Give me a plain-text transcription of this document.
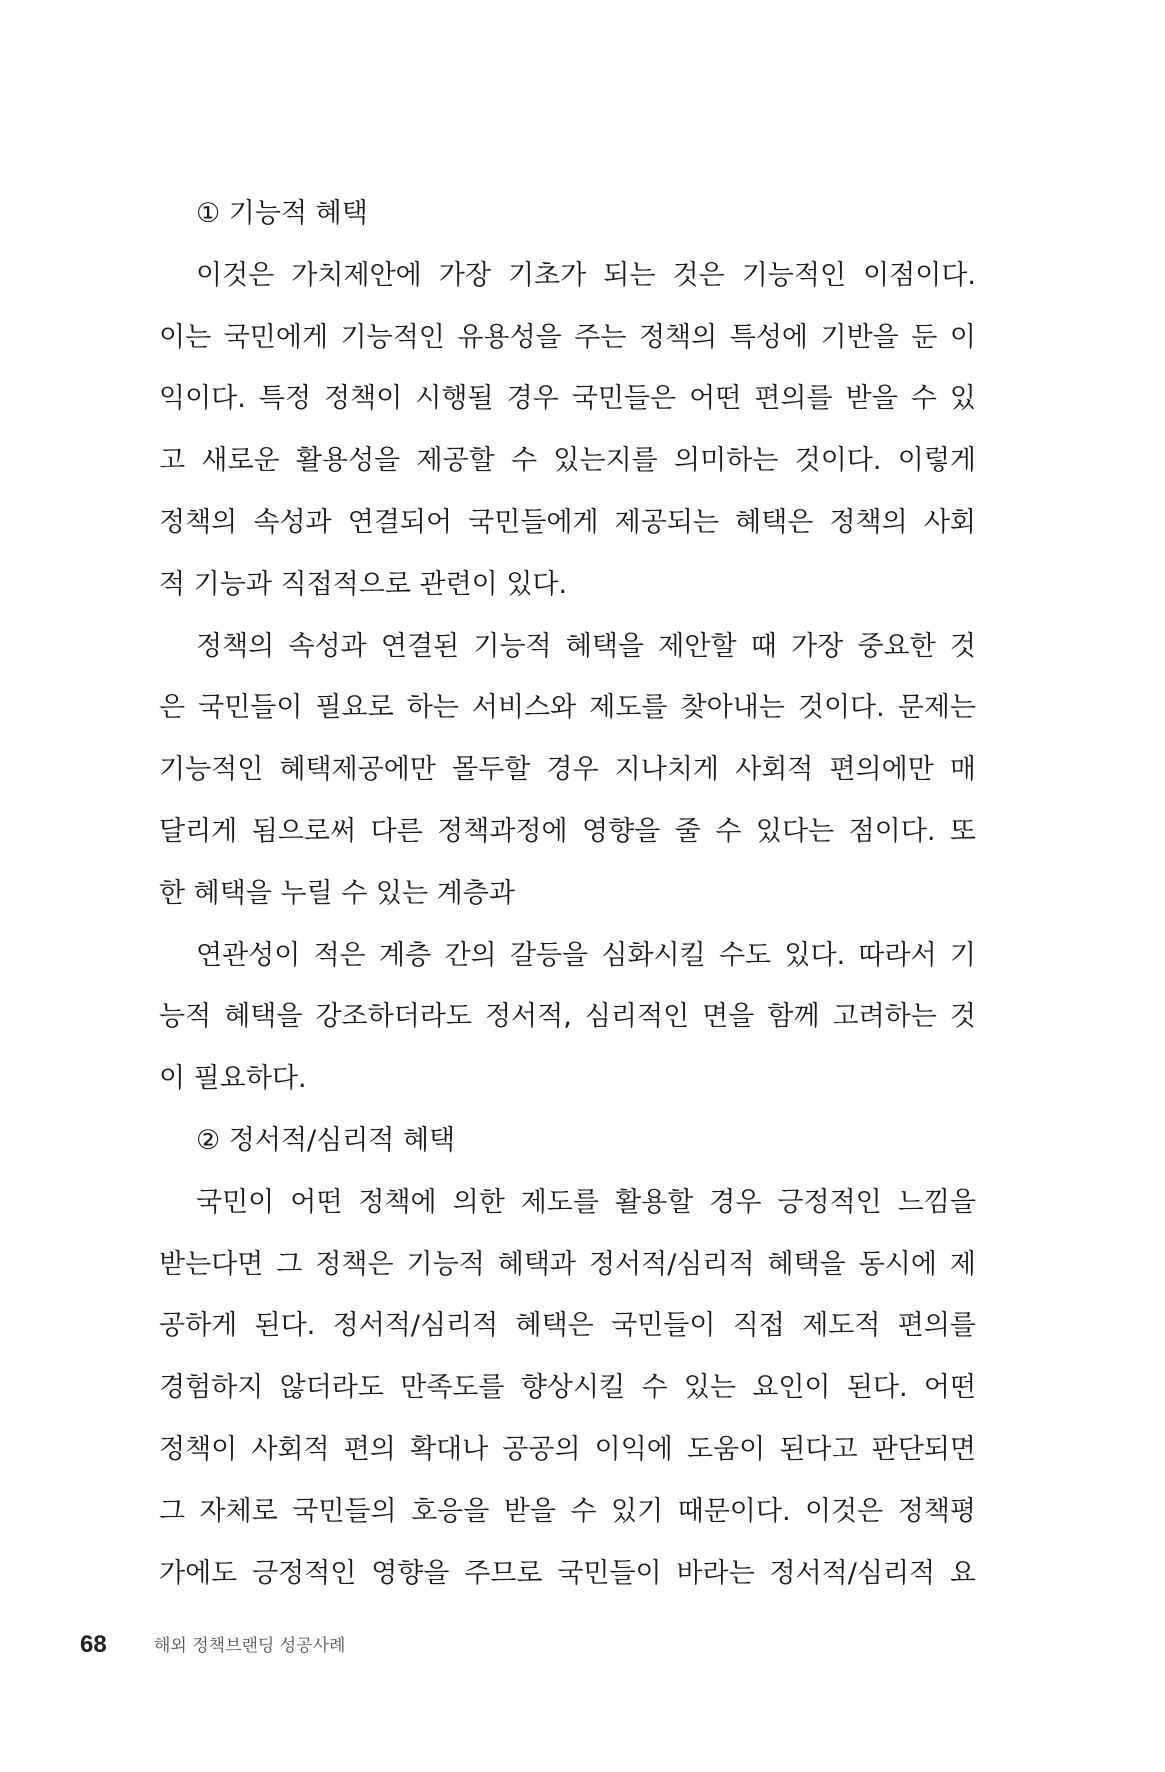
① 기능적 혜택
이것은 가치제안에 가장 기초가 되는 것은 기능적인 이점이다.
이는 국민에게 기능적인 유용성을 주는 정책의 특성에 기반을 둔 이
익이다. 특정 정책이 시행될 경우 국민들은 어떤 편의를 받을 수 있
고 새로운 활용성을 제공할 수 있는지를 의미하는 것이다. 이렇게
정책의 속성과 연결되어 국민들에게 제공되는 혜택은 정책의 사회
적 기능과 직접적으로 관련이 있다.
정책의 속성과 연결된 기능적 혜택을 제안할 때 가장 중요한 것
은 국민들이 필요로 하는 서비스와 제도를 찾아내는 것이다. 문제는
기능적인 혜택제공에만 몰두할 경우 지나치게 사회적 편의에만 매
달리게 됨으로써 다른 정책과정에 영향을 줄 수 있다는 점이다. 또
한 혜택을 누릴 수 있는 계층과
연관성이 적은 계층 간의 갈등을 심화시킬 수도 있다. 따라서 기
능적 혜택을 강조하더라도 정서적, 심리적인 면을 함께 고려하는 것
이 필요하다.
② 정서적/심리적 혜택
국민이 어떤 정책에 의한 제도를 활용할 경우 긍정적인 느낌을
받는다면 그 정책은 기능적 혜택과 정서적/심리적 혜택을 동시에 제
공하게 된다. 정서적/심리적 혜택은 국민들이 직접 제도적 편의를
경험하지 않더라도 만족도를 향상시킬 수 있는 요인이 된다. 어떤
정책이 사회적 편의 확대나 공공의 이익에 도움이 된다고 판단되면
그 자체로 국민들의 호응을 받을 수 있기 때문이다. 이것은 정책평
가에도 긍정적인 영향을 주므로 국민들이 바라는 정서적/심리적 요
68	해외 정책브랜딩 성공사례
